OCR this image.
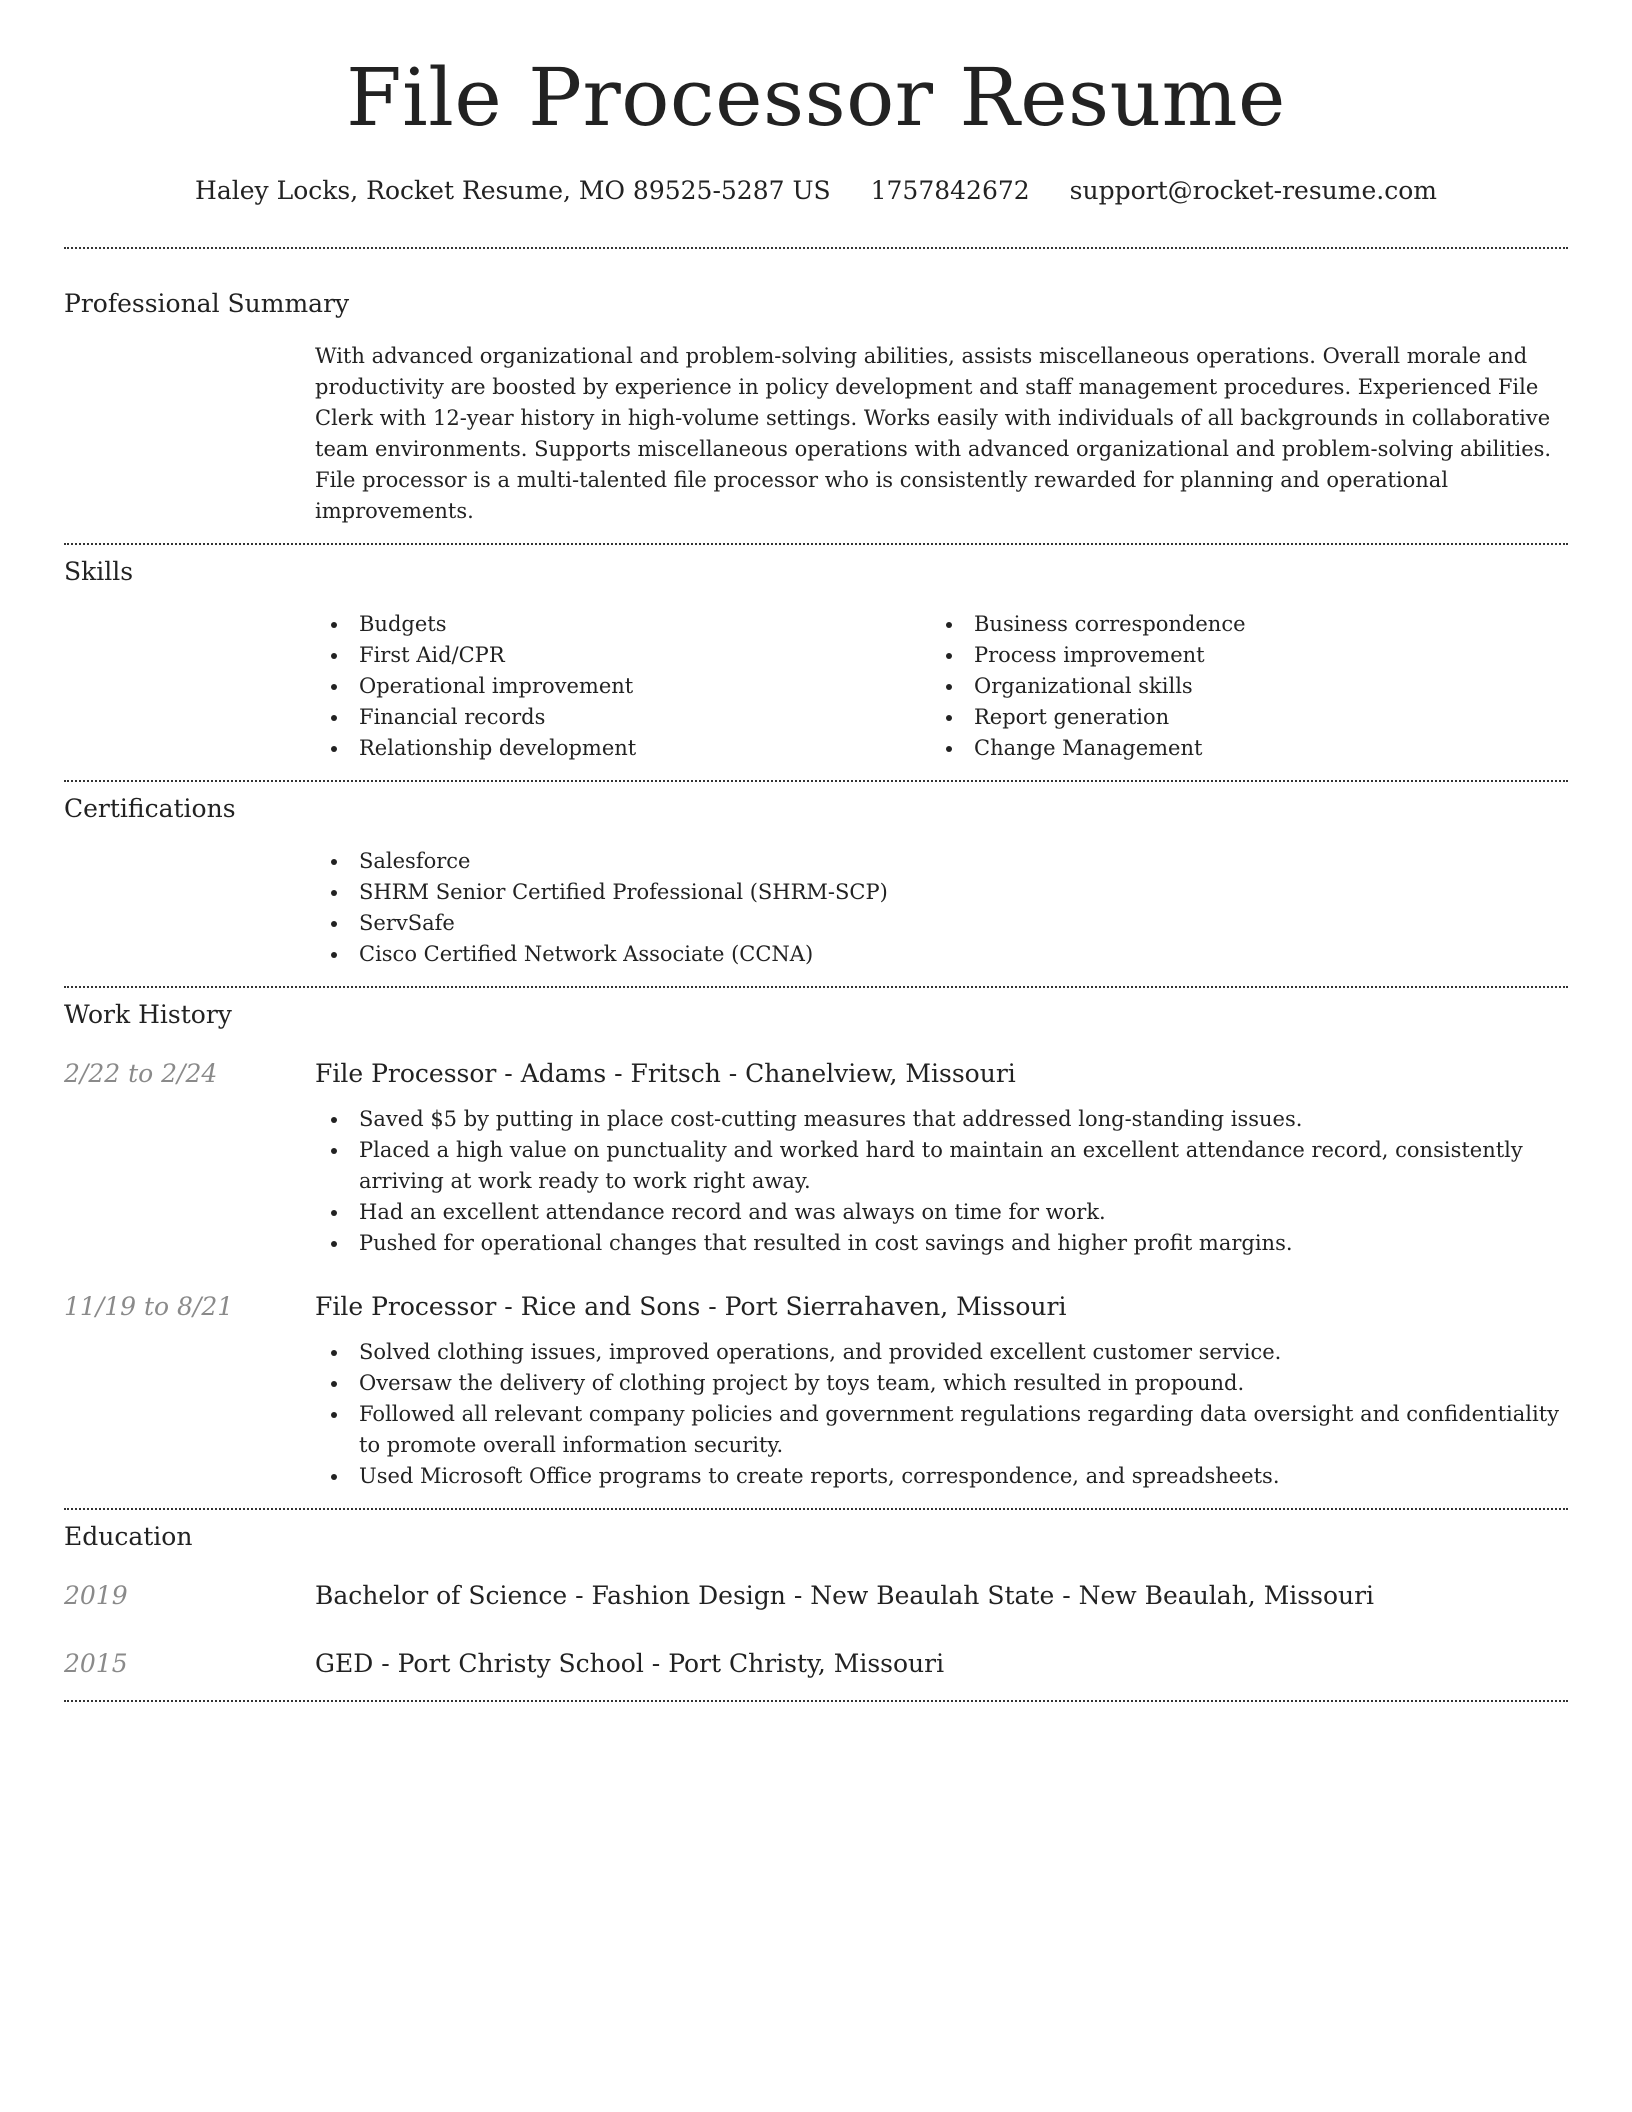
File Processor Resume
Haley Locks, Rocket Resume, MO 89525-5287 US 1757842672 support@rocket-resume.com
Professional Summary

With advanced organizational and problem-solving abilities, assists miscellaneous operations. Overall morale and productivity are boosted by experience in policy development and staff management procedures. Experienced File Clerk with 12-year history in high-volume settings. Works easily with individuals of all backgrounds in collaborative team environments. Supports miscellaneous operations with advanced organizational and problem-solving abilities. File processor is a multi-talented file processor who is consistently rewarded for planning and operational improvements.

Skills
Budgets
First Aid/CPR
Operational improvement
Financial records
Relationship development
Business correspondence
Process improvement
Organizational skills
Report generation
Change Management
Certifications
Salesforce
SHRM Senior Certified Professional (SHRM-SCP)
ServSafe
Cisco Certified Network Associate (CCNA)
Work History
2/22 to 2/24	File Processor - Adams - Fritsch - Chanelview, Missouri
Saved $5 by putting in place cost-cutting measures that addressed long-standing issues.
Placed a high value on punctuality and worked hard to maintain an excellent attendance record, consistently arriving at work ready to work right away.
Had an excellent attendance record and was always on time for work.
Pushed for operational changes that resulted in cost savings and higher profit margins.
11/19 to 8/21	File Processor - Rice and Sons - Port Sierrahaven, Missouri
Solved clothing issues, improved operations, and provided excellent customer service.
Oversaw the delivery of clothing project by toys team, which resulted in propound.
Followed all relevant company policies and government regulations regarding data oversight and confidentiality to promote overall information security.
Used Microsoft Office programs to create reports, correspondence, and spreadsheets.
Education
2019	Bachelor of Science - Fashion Design - New Beaulah State - New Beaulah, Missouri
2015	GED - Port Christy School - Port Christy, Missouri
